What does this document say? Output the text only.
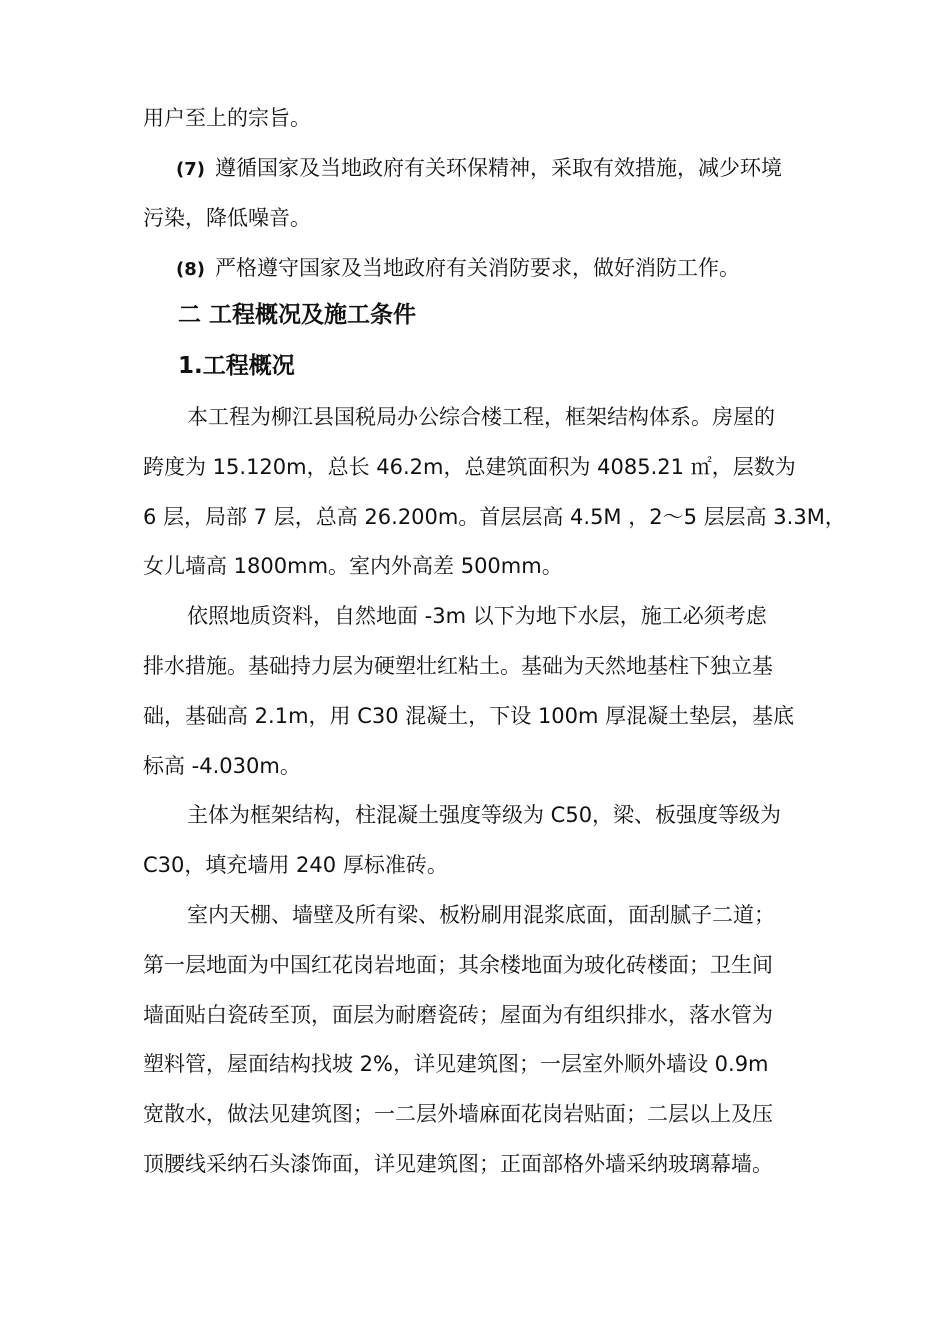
用户至上的宗旨。
(7) 遵循国家及当地政府有关环保精神，采取有效措施，减少环境
污染，降低噪音。
(8) 严格遵守国家及当地政府有关消防要求，做好消防工作。
二 工程概况及施工条件
1.工程概况
本工程为柳江县国税局办公综合楼工程，框架结构体系。房屋的
跨度为 15.120m，总长 46.2m，总建筑面积为 4085.21 ㎡，层数为
6 层，局部 7 层，总高 26.200m。首层层高 4.5M ，2～5 层层高 3.3M，
女儿墙高 1800mm。室内外高差 500mm。
依照地质资料，自然地面 -3m 以下为地下水层，施工必须考虑
排水措施。基础持力层为硬塑壮红粘土。基础为天然地基柱下独立基
础，基础高 2.1m，用 C30 混凝土，下设 100m 厚混凝土垫层，基底
标高 -4.030m。
主体为框架结构，柱混凝土强度等级为 C50，梁、板强度等级为
C30，填充墙用 240 厚标准砖。
室内天棚、墙壁及所有梁、板粉刷用混浆底面，面刮腻子二道；
第一层地面为中国红花岗岩地面；其余楼地面为玻化砖楼面；卫生间
墙面贴白瓷砖至顶，面层为耐磨瓷砖；屋面为有组织排水，落水管为
塑料管，屋面结构找坡 2%，详见建筑图；一层室外顺外墙设 0.9m
宽散水，做法见建筑图；一二层外墙麻面花岗岩贴面；二层以上及压
顶腰线采纳石头漆饰面，详见建筑图；正面部格外墙采纳玻璃幕墙。
